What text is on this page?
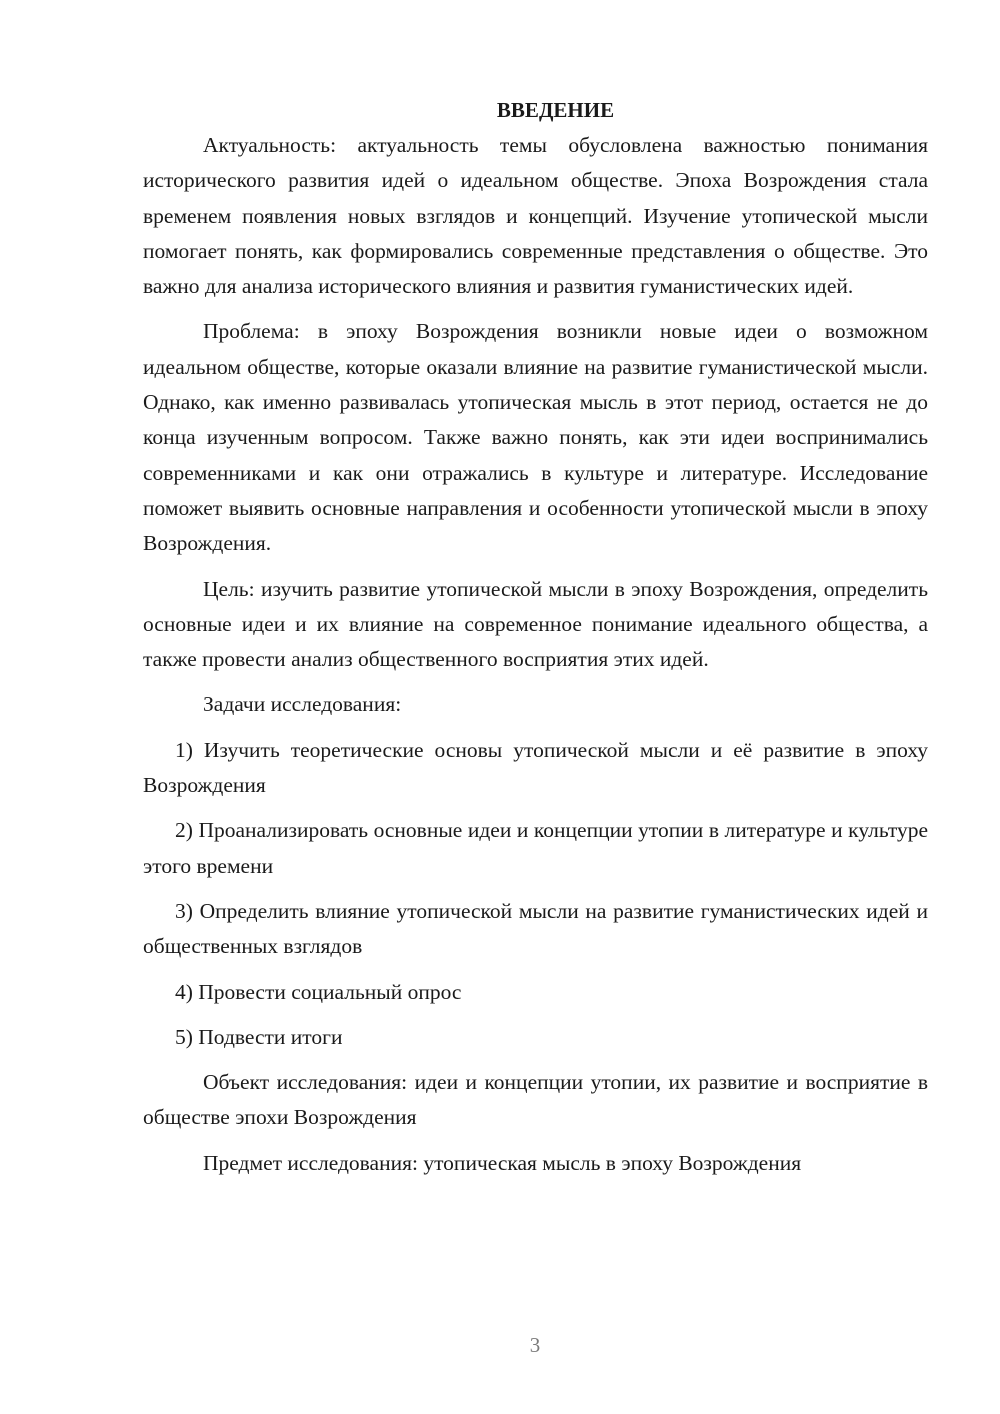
ВВЕДЕНИЕ

Актуальность: актуальность темы обусловлена важностью понимания исторического развития идей о идеальном обществе. Эпоха Возрождения стала временем появления новых взглядов и концепций. Изучение утопической мысли помогает понять, как формировались современные представления о обществе. Это важно для анализа исторического влияния и развития гуманистических идей.

Проблема: в эпоху Возрождения возникли новые идеи о возможном идеальном обществе, которые оказали влияние на развитие гуманистической мысли. Однако, как именно развивалась утопическая мысль в этот период, остается не до конца изученным вопросом. Также важно понять, как эти идеи воспринимались современниками и как они отражались в культуре и литературе. Исследование поможет выявить основные направления и особенности утопической мысли в эпоху Возрождения.

Цель: изучить развитие утопической мысли в эпоху Возрождения, определить основные идеи и их влияние на современное понимание идеального общества, а также провести анализ общественного восприятия этих идей.

Задачи исследования:

1) Изучить теоретические основы утопической мысли и её развитие в эпоху Возрождения

2) Проанализировать основные идеи и концепции утопии в литературе и культуре этого времени

3) Определить влияние утопической мысли на развитие гуманистических идей и общественных взглядов

4) Провести социальный опрос

5) Подвести итоги

Объект исследования: идеи и концепции утопии, их развитие и восприятие в обществе эпохи Возрождения

Предмет исследования: утопическая мысль в эпоху Возрождения

3
